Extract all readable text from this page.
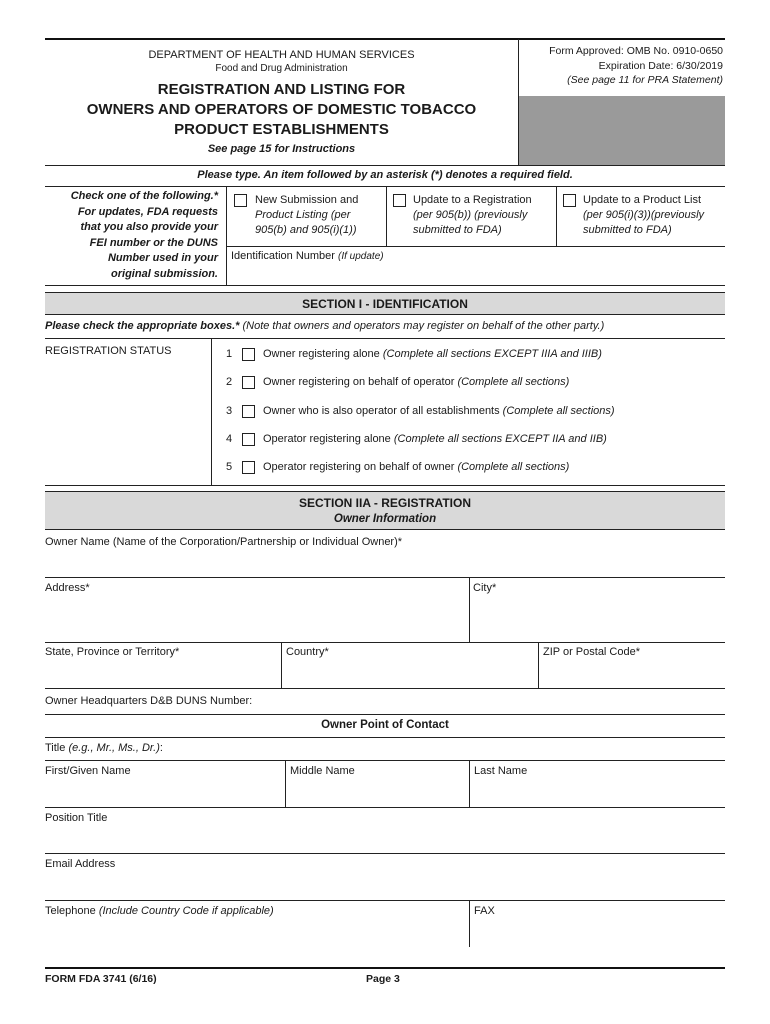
DEPARTMENT OF HEALTH AND HUMAN SERVICES
Food and Drug Administration
REGISTRATION AND LISTING FOR
OWNERS AND OPERATORS OF DOMESTIC TOBACCO
PRODUCT ESTABLISHMENTS
See page 15 for Instructions
Form Approved: OMB No. 0910-0650
Expiration Date: 6/30/2019
(See page 11 for PRA Statement)
Please type. An item followed by an asterisk (*) denotes a required field.
Check one of the following.*
For updates, FDA requests
that you also provide your
FEI number or the DUNS
Number used in your
original submission.
New Submission and
Product Listing (per
905(b) and 905(i)(1))
Update to a Registration
(per 905(b)) (previously
submitted to FDA)
Update to a Product List
(per 905(i)(3))(previously
submitted to FDA)
Identification Number (If update)
SECTION I - IDENTIFICATION
Please check the appropriate boxes.* (Note that owners and operators may register on behalf of the other party.)
REGISTRATION STATUS	1	Owner registering alone (Complete all sections EXCEPT IIIA and IIIB)
2	Owner registering on behalf of operator (Complete all sections)
3	Owner who is also operator of all establishments (Complete all sections)
4	Operator registering alone (Complete all sections EXCEPT IIA and IIB)
5	Operator registering on behalf of owner (Complete all sections)
SECTION IIA - REGISTRATION
Owner Information
Owner Name (Name of the Corporation/Partnership or Individual Owner)*
Address*	City*
State, Province or Territory*	Country*	ZIP or Postal Code*
Owner Headquarters D&B DUNS Number:
Owner Point of Contact
Title (e.g., Mr., Ms., Dr.):
First/Given Name	Middle Name	Last Name
Position Title
Email Address
Telephone (Include Country Code if applicable)	FAX
FORM FDA 3741 (6/16)	Page 3
